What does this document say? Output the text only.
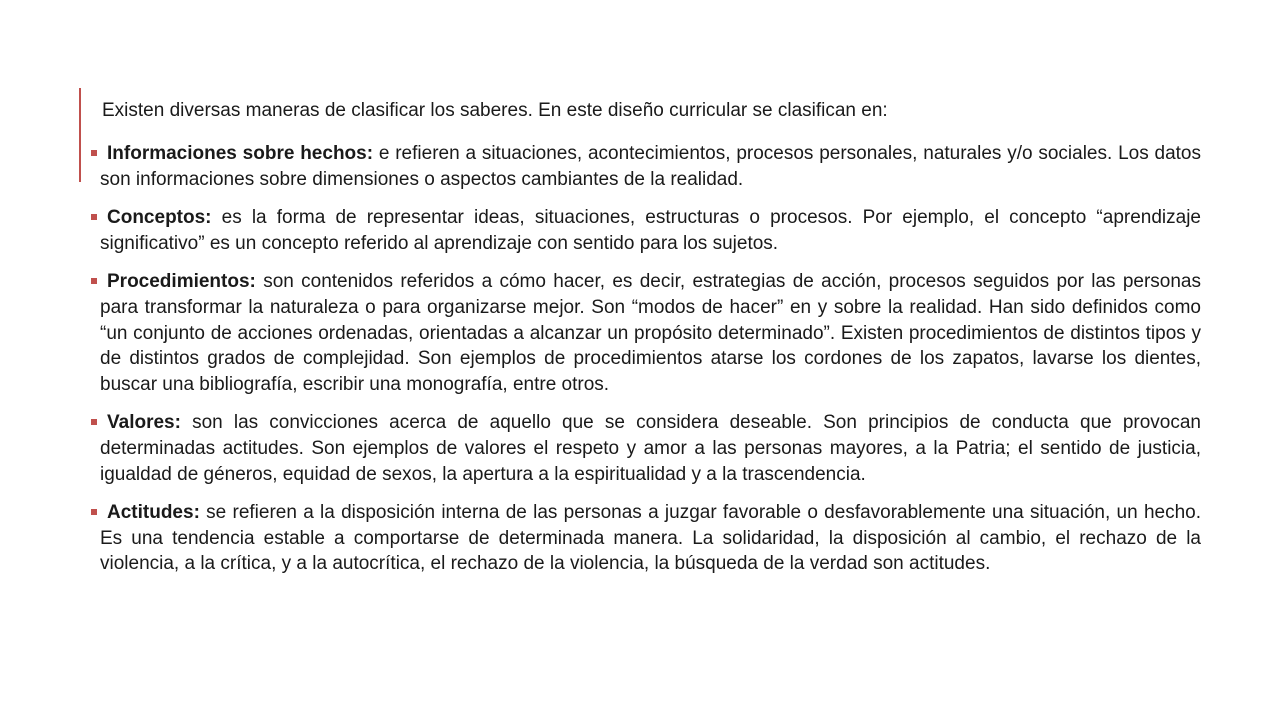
Existen diversas maneras de clasificar los saberes. En este diseño curricular se clasifican en:

Informaciones sobre hechos: e refieren a situaciones, acontecimientos, procesos personales, naturales y/o sociales. Los datos son informaciones sobre dimensiones o aspectos cambiantes de la realidad.
Conceptos: es la forma de representar ideas, situaciones, estructuras o procesos. Por ejemplo, el concepto “aprendizaje significativo” es un concepto referido al aprendizaje con sentido para los sujetos.
Procedimientos: son contenidos referidos a cómo hacer, es decir, estrategias de acción, procesos seguidos por las personas para transformar la naturaleza o para organizarse mejor. Son “modos de hacer” en y sobre la realidad. Han sido definidos como “un conjunto de acciones ordenadas, orientadas a alcanzar un propósito determinado”. Existen procedimientos de distintos tipos y de distintos grados de complejidad. Son ejemplos de procedimientos atarse los cordones de los zapatos, lavarse los dientes, buscar una bibliografía, escribir una monografía, entre otros.
Valores: son las convicciones acerca de aquello que se considera deseable. Son principios de conducta que provocan determinadas actitudes. Son ejemplos de valores el respeto y amor a las personas mayores, a la Patria; el sentido de justicia, igualdad de géneros, equidad de sexos, la apertura a la espiritualidad y a la trascendencia.
Actitudes: se refieren a la disposición interna de las personas a juzgar favorable o desfavorablemente una situación, un hecho. Es una tendencia estable a comportarse de determinada manera. La solidaridad, la disposición al cambio, el rechazo de la violencia, a la crítica, y a la autocrítica, el rechazo de la violencia, la búsqueda de la verdad son actitudes.
